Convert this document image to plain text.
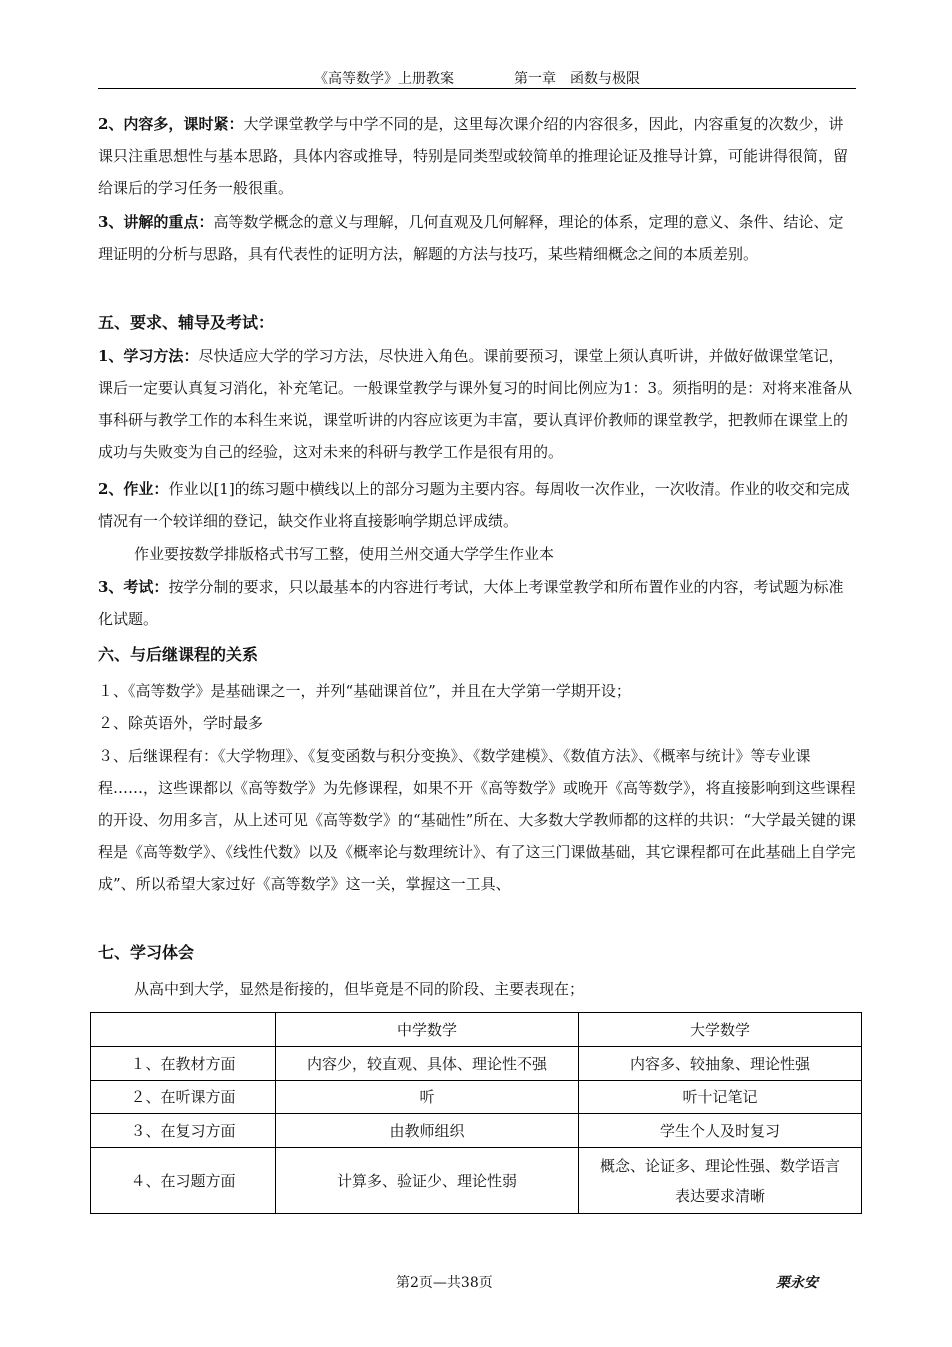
《高等数学》上册教案	第一章　函数与极限

2、内容多，课时紧：大学课堂教学与中学不同的是，这里每次课介绍的内容很多，因此，内容重复的次数少，讲课只注重思想性与基本思路，具体内容或推导，特别是同类型或较简单的推理论证及推导计算，可能讲得很简，留给课后的学习任务一般很重。

3、讲解的重点：高等数学概念的意义与理解，几何直观及几何解释，理论的体系，定理的意义、条件、结论、定理证明的分析与思路，具有代表性的证明方法，解题的方法与技巧，某些精细概念之间的本质差别。

五、要求、辅导及考试：

1、学习方法：尽快适应大学的学习方法，尽快进入角色。课前要预习，课堂上须认真听讲，并做好做课堂笔记，课后一定要认真复习消化，补充笔记。一般课堂教学与课外复习的时间比例应为1：3。须指明的是：对将来准备从事科研与教学工作的本科生来说，课堂听讲的内容应该更为丰富，要认真评价教师的课堂教学，把教师在课堂上的成功与失败变为自己的经验，这对未来的科研与教学工作是很有用的。

2、作业：作业以[1]的练习题中横线以上的部分习题为主要内容。每周收一次作业，一次收清。作业的收交和完成情况有一个较详细的登记，缺交作业将直接影响学期总评成绩。

作业要按数学排版格式书写工整，使用兰州交通大学学生作业本

3、考试：按学分制的要求，只以最基本的内容进行考试，大体上考课堂教学和所布置作业的内容，考试题为标准化试题。

六、与后继课程的关系

１、《高等数学》是基础课之一，并列“基础课首位”，并且在大学第一学期开设；

２、除英语外，学时最多

３、后继课程有：《大学物理》、《复变函数与积分变换》、《数学建模》、《数值方法》、《概率与统计》等专业课程……，这些课都以《高等数学》为先修课程，如果不开《高等数学》或晚开《高等数学》，将直接影响到这些课程的开设、勿用多言，从上述可见《高等数学》的“基础性”所在、大多数大学教师都的这样的共识：“大学最关键的课程是《高等数学》、《线性代数》以及《概率论与数理统计》、有了这三门课做基础，其它课程都可在此基础上自学完成”、所以希望大家过好《高等数学》这一关，掌握这一工具、

七、学习体会

从高中到大学，显然是衔接的，但毕竟是不同的阶段、主要表现在；

	中学数学	大学数学
１、在教材方面	内容少，较直观、具体、理论性不强	内容多、较抽象、理论性强
２、在听课方面	听	听十记笔记
３、在复习方面	由教师组织	学生个人及时复习
４、在习题方面	计算多、验证少、理论性弱	概念、论证多、理论性强、数学语言表达要求清晰
第2页—共38页	栗永安
